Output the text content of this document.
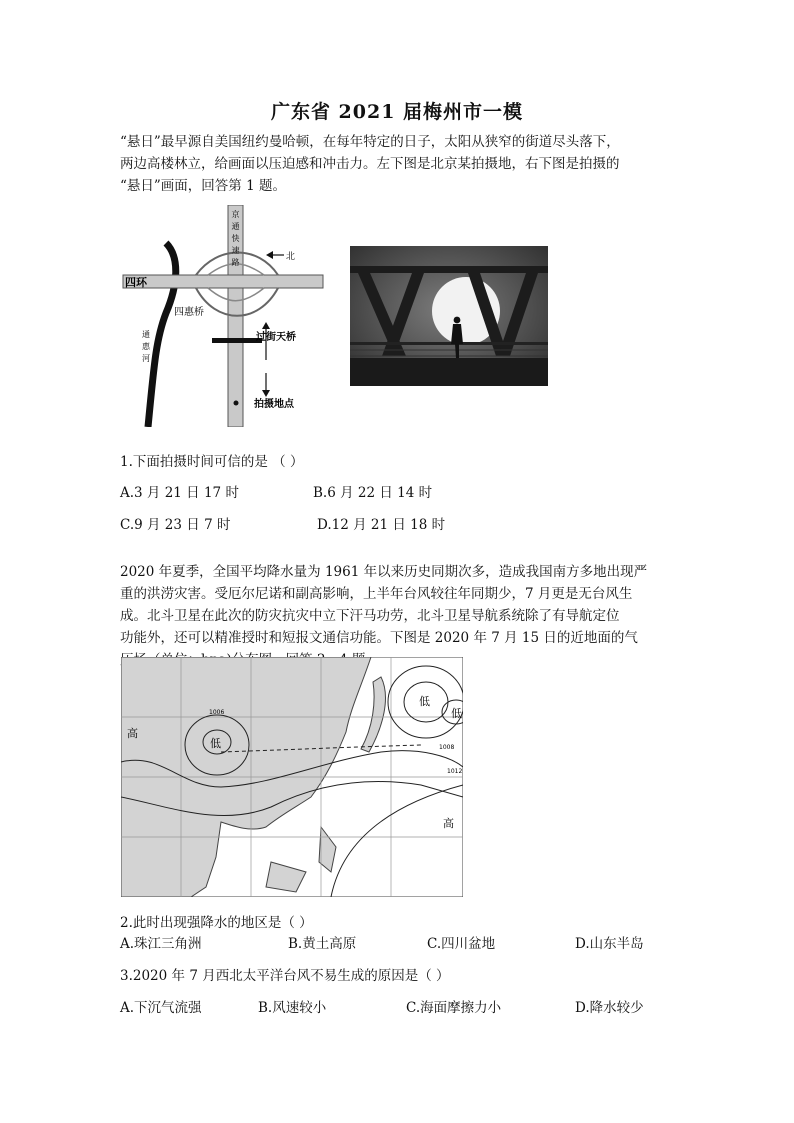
广东省 2021 届梅州市一模
“悬日”最早源自美国纽约曼哈顿，在每年特定的日子，太阳从狭窄的街道尽头落下，
两边高楼林立，给画面以压迫感和冲击力。左下图是北京某拍摄地，右下图是拍摄的
“悬日”画面，回答第 1 题。
京
通
快
速
路
四环
四惠桥
通
惠
河
过街天桥
拍摄地点
北
1.下面拍摄时间可信的是 （ ）
A.3 月 21 日 17 时	B.6 月 22 日 14 时
C.9 月 23 日 7 时	D.12 月 21 日 18 时
2020 年夏季，全国平均降水量为 1961 年以来历史同期次多，造成我国南方多地出现严
重的洪涝灾害。受厄尔尼诺和副高影响，上半年台风较往年同期少，7 月更是无台风生
成。北斗卫星在此次的防灾抗灾中立下汗马功劳，北斗卫星导航系统除了有导航定位
功能外，还可以精准授时和短报文通信功能。下图是 2020 年 7 月 15 日的近地面的气
高
高
低
低
低
1006
1008
1012
2.此时出现强降水的地区是（ ）
A.珠江三角洲	B.黄土高原	C.四川盆地	D.山东半岛
3.2020 年 7 月西北太平洋台风不易生成的原因是（ ）
A.下沉气流强	B.风速较小	C.海面摩擦力小	D.降水较少
